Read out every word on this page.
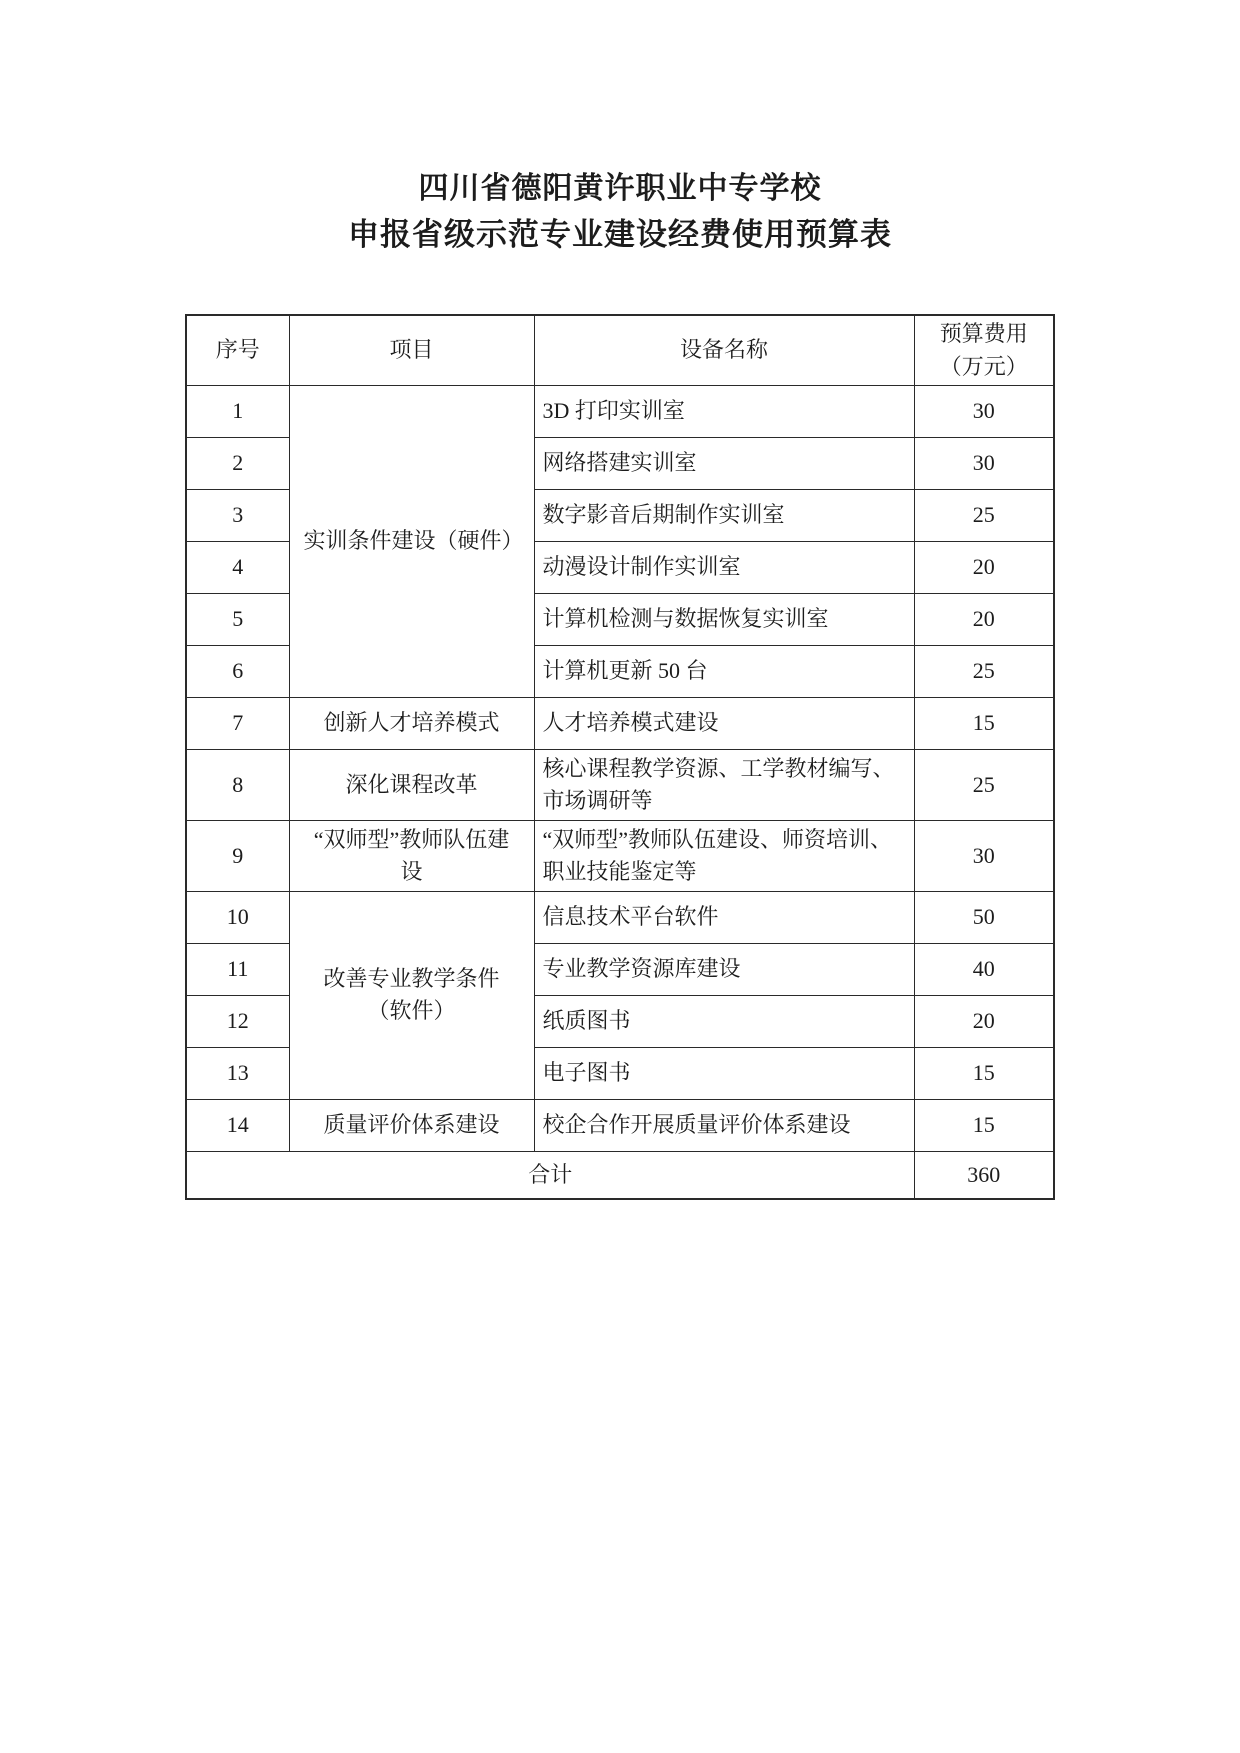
四川省德阳黄许职业中专学校
申报省级示范专业建设经费使用预算表
序号	项目	设备名称	预算费用
（万元）

1	实训条件建设（硬件）	3D 打印实训室	30
2		网络搭建实训室	30
3		数字影音后期制作实训室	25
4		动漫设计制作实训室	20
5		计算机检测与数据恢复实训室	20
6		计算机更新 50 台	25
7	创新人才培养模式	人才培养模式建设	15
8	深化课程改革	核心课程教学资源、工学教材编写、市场调研等	25
9	“双师型”教师队伍建设	“双师型”教师队伍建设、师资培训、职业技能鉴定等	30
10	改善专业教学条件（软件）	信息技术平台软件	50
11		专业教学资源库建设	40
12		纸质图书	20
13		电子图书	15
14	质量评价体系建设	校企合作开展质量评价体系建设	15
合计			360
